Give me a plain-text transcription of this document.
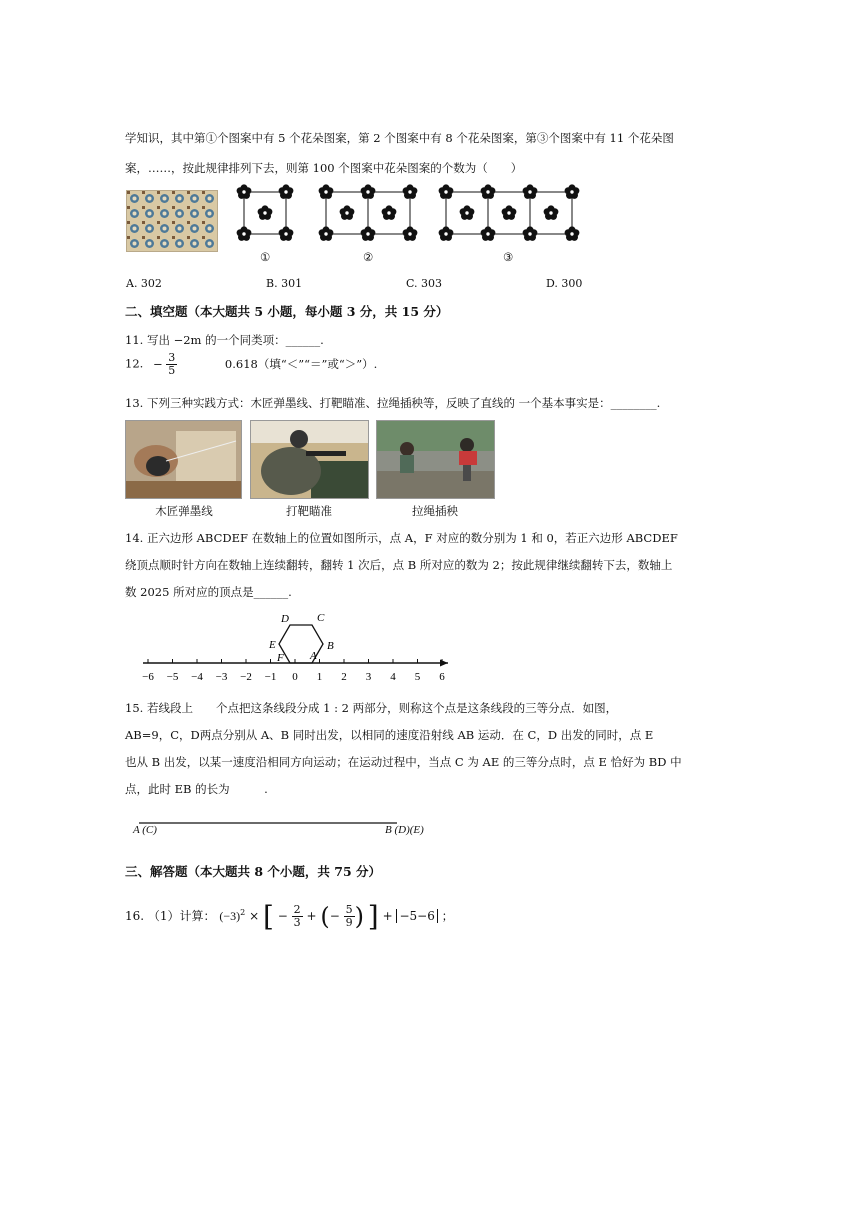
学知识，其中第①个图案中有 5 个花朵图案，第 2 个图案中有 8 个花朵图案，第③个图案中有 11 个花朵图
案，……，按此规律排列下去，则第 100 个图案中花朵图案的个数为（　　）
①	②	③
A. 302	B. 301	C. 303	D. 300
二、填空题（本大题共 5 小题，每小题 3 分，共 15 分）
11. 写出 −2m 的一个同类项：______.
12. − $\frac{3}{5}$	0.618（填“＜”“＝”或“＞”）.
13. 下列三种实践方式：木匠弹墨线、打靶瞄准、拉绳插秧等，反映了直线的 一个基本事实是：________.
木匠弹墨线	打靶瞄准	拉绳插秧
14. 正六边形 ABCDEF 在数轴上的位置如图所示，点 A，F 对应的数分别为 1 和 0，若正六边形 ABCDEF
绕顶点顺时针方向在数轴上连续翻转，翻转 1 次后，点 B 所对应的数为 2；按此规律继续翻转下去，数轴上
数 2025 所对应的顶点是______.
−6 −5 −4 −3 −2 −1 0 1 2 3 4 5 6
A
B
C
D
E
F
15. 若线段上　　个点把这条线段分成 1 : 2 两部分，则称这个点是这条线段的三等分点．如图，
AB=9，C，D两点分别从 A、B 同时出发，以相同的速度沿射线 AB 运动．在 C，D 出发的同时，点 E
也从 B 出发，以某一速度沿相同方向运动；在运动过程中，当点 C 为 AE 的三等分点时，点 E 恰好为 BD 中
点，此时 EB 的长为　　　.
A (C)	B (D)(E)
三、解答题（本大题共 8 个小题，共 75 分）
16. （1）计算： $(-3)^2$ × [ − $\frac{2}{3}$ + (− $\frac{5}{9}$ ) ] + −5−6 ；
